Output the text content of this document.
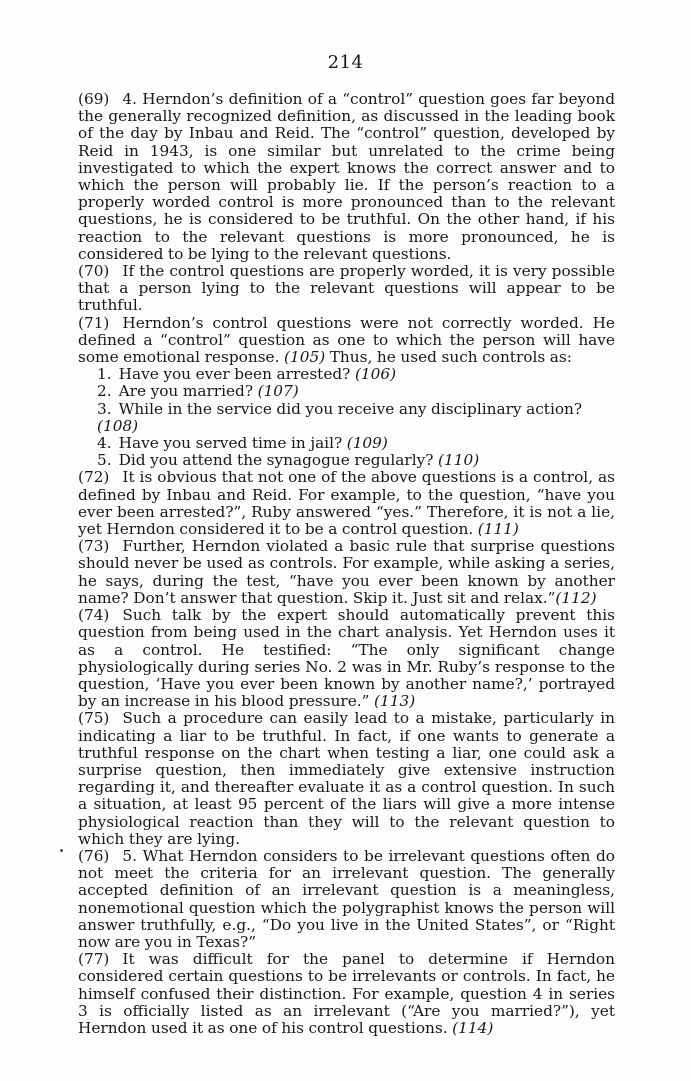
214

(69) 4. Herndon’s definition of a “control” question goes far beyond the generally recognized definition, as discussed in the leading book of the day by Inbau and Reid. The “control” question, developed by Reid in 1943, is one similar but unrelated to the crime being investigated to which the expert knows the correct answer and to which the person will probably lie. If the person’s reaction to a properly worded control is more pronounced than to the relevant questions, he is considered to be truthful. On the other hand, if his reaction to the relevant questions is more pronounced, he is considered to be lying to the relevant questions.

(70) If the control questions are properly worded, it is very possible that a person lying to the relevant questions will appear to be truthful.

(71) Herndon’s control questions were not correctly worded. He defined a “control” question as one to which the person will have some emotional response. (105) Thus, he used such controls as:

1. Have you ever been arrested? (106)

2. Are you married? (107)

3. While in the service did you receive any disciplinary action? (108)

4. Have you served time in jail? (109)

5. Did you attend the synagogue regularly? (110)

(72) It is obvious that not one of the above questions is a control, as defined by Inbau and Reid. For example, to the question, “have you ever been arrested?”, Ruby answered “yes.” Therefore, it is not a lie, yet Herndon considered it to be a control question. (111)

(73) Further, Herndon violated a basic rule that surprise questions should never be used as controls. For example, while asking a series, he says, during the test, “have you ever been known by another name? Don’t answer that question. Skip it. Just sit and relax.”(112)

(74) Such talk by the expert should automatically prevent this question from being used in the chart analysis. Yet Herndon uses it as a control. He testified: “The only significant change physiologically during series No. 2 was in Mr. Ruby’s response to the question, ‘Have you ever been known by another name?,’ portrayed by an increase in his blood pressure.” (113)

(75) Such a procedure can easily lead to a mistake, particularly in indicating a liar to be truthful. In fact, if one wants to generate a truthful response on the chart when testing a liar, one could ask a surprise question, then immediately give extensive instruction regarding it, and thereafter evaluate it as a control question. In such a situation, at least 95 percent of the liars will give a more intense physiological reaction than they will to the relevant question to which they are lying.

(76) 5. What Herndon considers to be irrelevant questions often do not meet the criteria for an irrelevant question. The generally accepted definition of an irrelevant question is a meaningless, nonemotional question which the polygraphist knows the person will answer truthfully, e.g., “Do you live in the United States”, or “Right now are you in Texas?”

(77) It was difficult for the panel to determine if Herndon considered certain questions to be irrelevants or controls. In fact, he himself confused their distinction. For example, question 4 in series 3 is officially listed as an irrelevant (“Are you married?”), yet Herndon used it as one of his control questions. (114)
